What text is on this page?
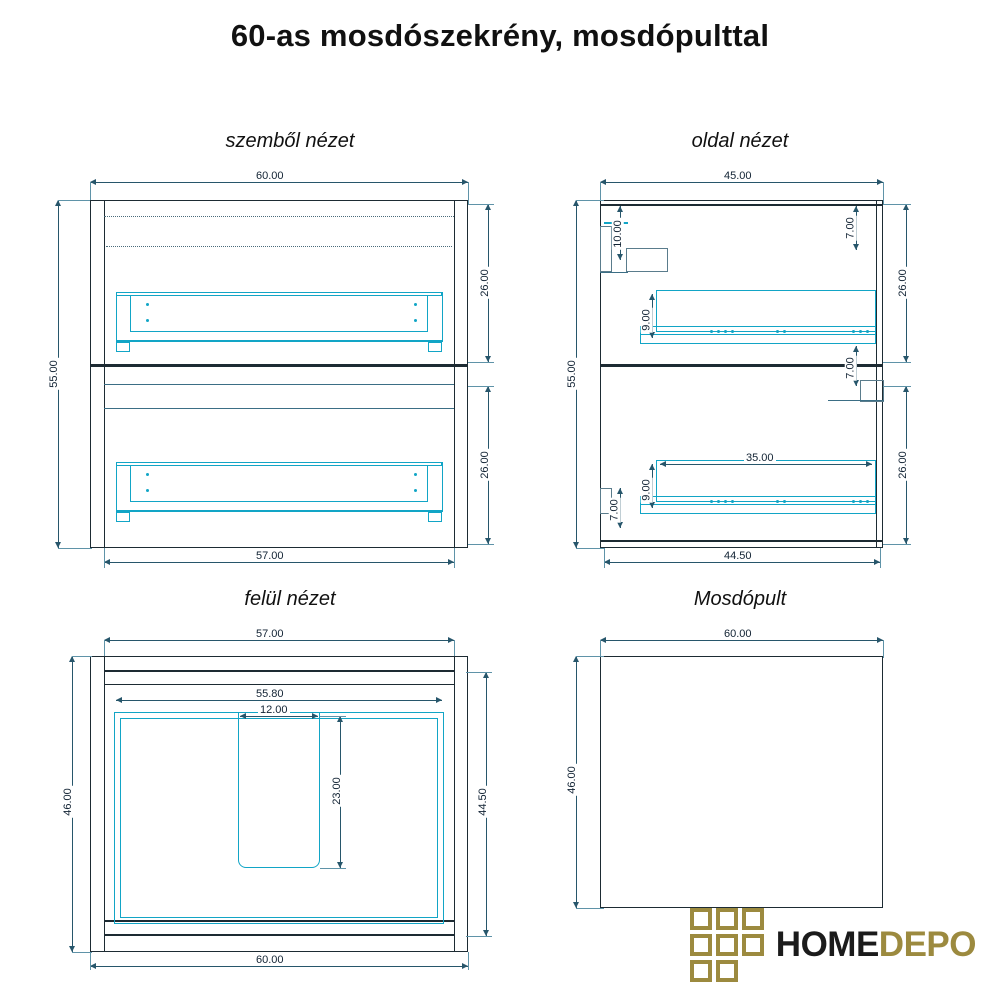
60-as mosdószekrény, mosdópulttal
szemből nézet
60.00
55.00
26.00
26.00
57.00
oldal nézet
45.00
10.00	7.00
9.00
7.00
35.00
9.00
7.00
55.00
26.00
26.00
44.50
felül nézet
57.00
55.80
12.00
23.00
46.00	44.50
60.00
Mosdópult
60.00
46.00
HOMEDEPO
